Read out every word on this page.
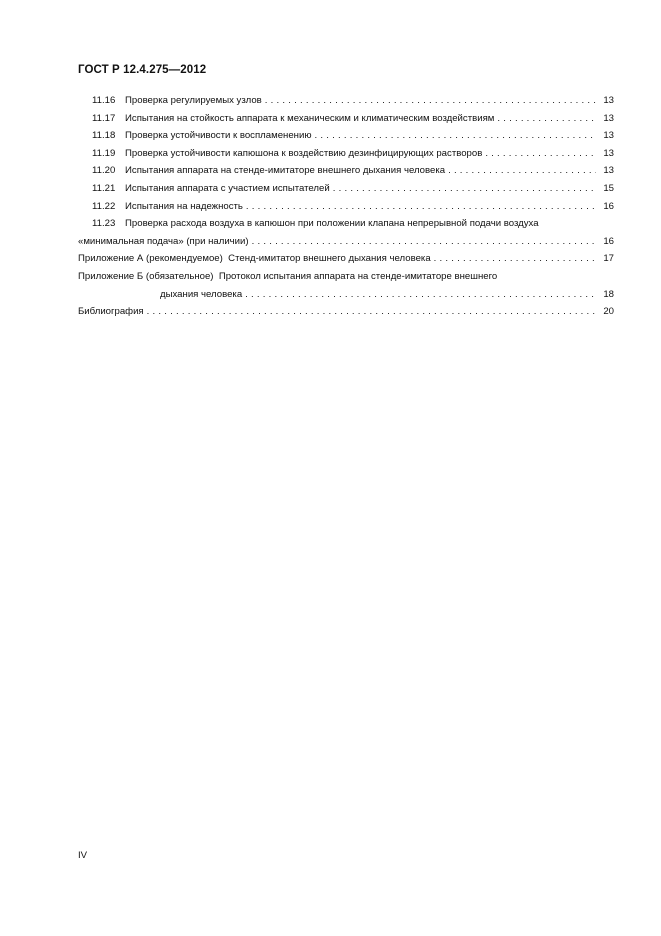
ГОСТ Р 12.4.275—2012
11.16 Проверка регулируемых узлов .....	13
11.17 Испытания на стойкость аппарата к механическим и климатическим воздействиям .....	13
11.18 Проверка устойчивости к воспламенению .....	13
11.19 Проверка устойчивости капюшона к воздействию дезинфицирующих растворов .....	13
11.20 Испытания аппарата на стенде-имитаторе внешнего дыхания человека .....	13
11.21 Испытания аппарата с участием испытателей .....	15
11.22 Испытания на надежность .....	16
11.23 Проверка расхода воздуха в капюшон при положении клапана непрерывной подачи воздуха
«минимальная подача» (при наличии) .....	16
Приложение А (рекомендуемое)  Стенд-имитатор внешнего дыхания человека .....	17
Приложение Б (обязательное)  Протокол испытания аппарата на стенде-имитаторе внешнего
дыхания человека .....	18
Библиография .....	20
IV
